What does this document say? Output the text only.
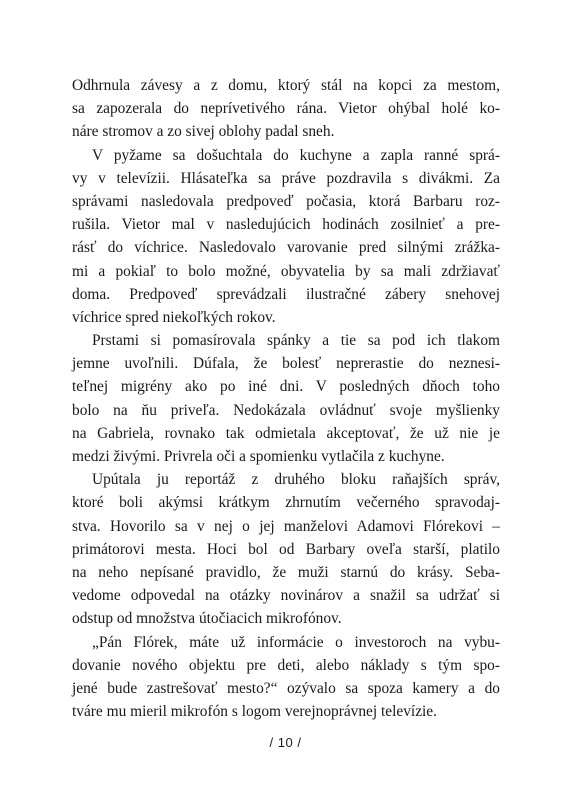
Odhrnula závesy a z domu, ktorý stál na kopci za mestom,
sa zapozerala do neprívetivého rána. Vietor ohýbal holé ko-
náre stromov a zo sivej oblohy padal sneh.
V pyžame sa došuchtala do kuchyne a zapla ranné sprá-
vy v televízii. Hlásateľka sa práve pozdravila s divákmi. Za
správami nasledovala predpoveď počasia, ktorá Barbaru roz-
rušila. Vietor mal v nasledujúcich hodinách zosilnieť a pre-
rásť do víchrice. Nasledovalo varovanie pred silnými zrážka-
mi a pokiaľ to bolo možné, obyvatelia by sa mali zdržiavať
doma. Predpoveď sprevádzali ilustračné zábery snehovej
víchrice spred niekoľkých rokov.
Prstami si pomasírovala spánky a tie sa pod ich tlakom
jemne uvoľnili. Dúfala, že bolesť neprerastie do neznesi-
teľnej migrény ako po iné dni. V posledných dňoch toho
bolo na ňu priveľa. Nedokázala ovládnuť svoje myšlienky
na Gabriela, rovnako tak odmietala akceptovať, že už nie je
medzi živými. Privrela oči a spomienku vytlačila z kuchyne.
Upútala ju reportáž z druhého bloku raňajších správ,
ktoré boli akýmsi krátkym zhrnutím večerného spravodaj-
stva. Hovorilo sa v nej o jej manželovi Adamovi Flórekovi –
primátorovi mesta. Hoci bol od Barbary oveľa starší, platilo
na neho nepísané pravidlo, že muži starnú do krásy. Seba-
vedome odpovedal na otázky novinárov a snažil sa udržať si
odstup od množstva útočiacich mikrofónov.
„Pán Flórek, máte už informácie o investoroch na vybu-
dovanie nového objektu pre deti, alebo náklady s tým spo-
jené bude zastrešovať mesto?“ ozývalo sa spoza kamery a do
tváre mu mieril mikrofón s logom verejnoprávnej televízie.
/ 10 /
